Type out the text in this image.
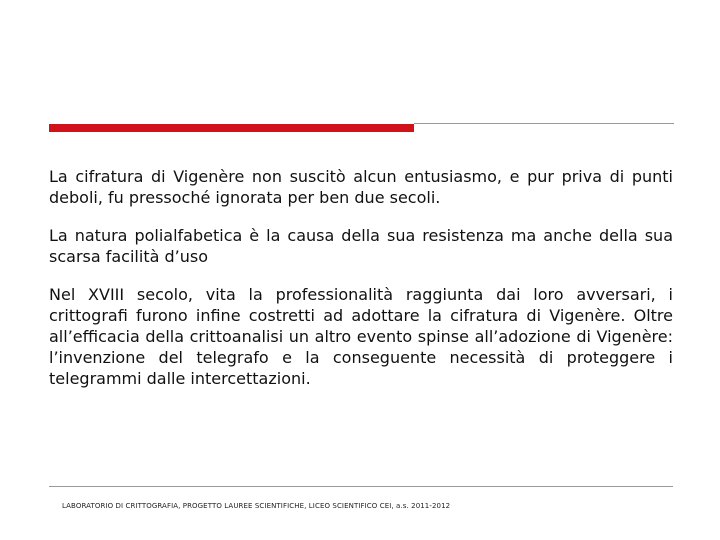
La cifratura di Vigenère non suscitò alcun entusiasmo, e pur priva di punti deboli, fu pressoché ignorata per ben due secoli.

La natura polialfabetica è la causa della sua resistenza ma anche della sua scarsa facilità d’uso

Nel XVIII secolo, vita la professionalità raggiunta dai loro avversari, i crittografi furono infine costretti ad adottare la cifratura di Vigenère. Oltre all’efficacia della crittoanalisi un altro evento spinse all’adozione di Vigenère: l’invenzione del telegrafo e la conseguente necessità di proteggere i telegrammi dalle intercettazioni.

LABORATORIO DI CRITTOGRAFIA, PROGETTO LAUREE SCIENTIFICHE, LICEO SCIENTIFICO CEI, a.s. 2011-2012
